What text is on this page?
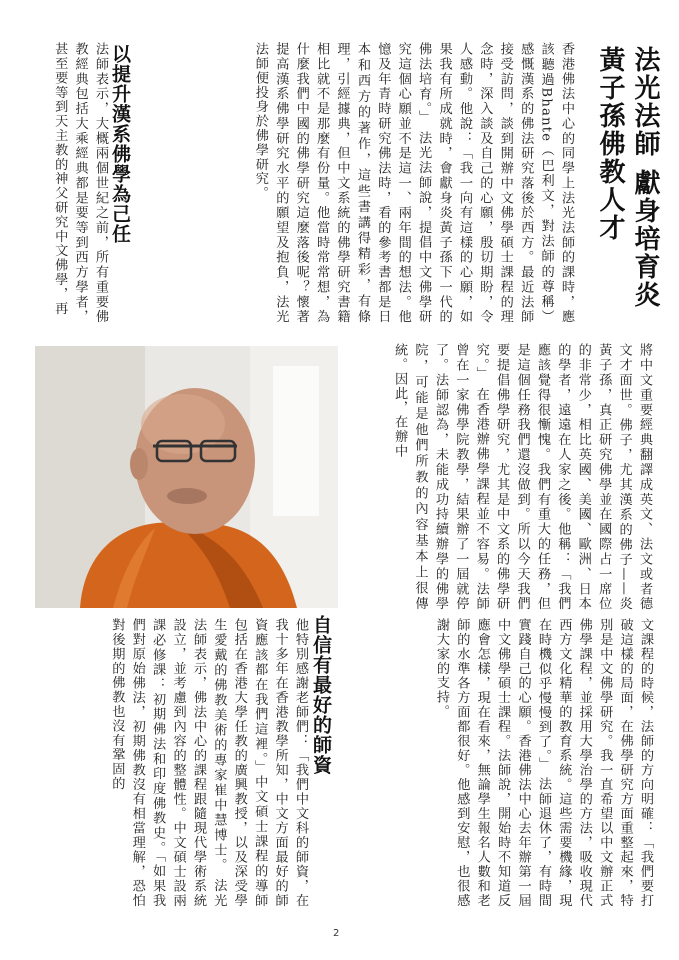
法光法師 獻身培育炎黃子孫佛教人才
香港佛法中心的同學上法光法師的課時，應該聽過Bhante（巴利文，對法師的尊稱）感慨漢系的佛法研究落後於西方。最近法師接受訪問，談到開辦中文佛學碩士課程的理念時，深入談及自己的心願，殷切期盼，令人感動。他說：「我一向有這樣的心願，如果我有所成就時，會獻身炎黃子孫下一代的佛法培育。」 法光法師說，提倡中文佛學研究這個心願並不是這一、兩年間的想法。他憶及年青時研究佛法時，看的參考書都是日本和西方的著作，這些書講得精彩，有條理，引經據典，但中文系統的佛學研究書籍相比就不是那麼有份量。他當時常常想，為什麼我們中國的佛學研究這麼落後呢？懷著提高漢系佛學研究水平的願望及抱負，法光法師便投身於佛學研究。
以提升漢系佛學為己任
法師表示，大概兩個世紀之前，所有重要佛教經典包括大乘經典都是要等到西方學者，甚至要等到天主教的神父研究中文佛學，再
將中文重要經典翻譯成英文、法文或者德文才面世。佛子，尤其漢系的佛子——炎黃子孫，真正研究佛學並在國際占一席位的非常少，相比英國、美國、歐洲、日本的學者，遠遠在人家之後。他稱：「我們應該覺得很慚愧。我們有重大的任務，但是這個任務我們還沒做到。所以今天我們要提倡佛學研究，尤其是中文系的佛學研究。」 在香港辦佛學課程並不容易。法師曾在一家佛學院教學，結果辦了一屆就停了。法師認為，未能成功持續辦學的佛學院，可能是他們所教的內容基本上很傳統。因此，在辦中
文課程的時候，法師的方向明確：「我們要打破這樣的局面，在佛學研究方面重整起來，特別是中文佛學研究。我一直希望以中文辦正式佛學課程，並採用大學治學的方法，吸收現代西方文化精華的教育系統。這些需要機緣，現在時機似乎慢慢到了。」 法師退休了，有時間實踐自己的心願。香港佛法中心去年辦第一屆中文佛學碩士課程。法師說，開始時不知道反應會怎樣，現在看來，無論學生報名人數和老師的水準各方面都很好。他感到安慰，也很感謝大家的支持。
自信有最好的師資
他特別感謝老師們：「我們中文科的師資，在我十多年在香港教學所知，中文方面最好的師資應該都在我們這裡。」中文碩士課程的導師包括在香港大學任教的廣興教授，以及深受學生愛戴的佛教美術的專家崔中慧博士。 法光法師表示，佛法中心的課程跟隨現代學術系統設立，並考慮到內容的整體性。中文碩士設兩課必修課：初期佛法和印度佛教史。「如果我們對原始佛法，初期佛教沒有相當理解，恐怕對後期的佛教也沒有鞏固的
2
